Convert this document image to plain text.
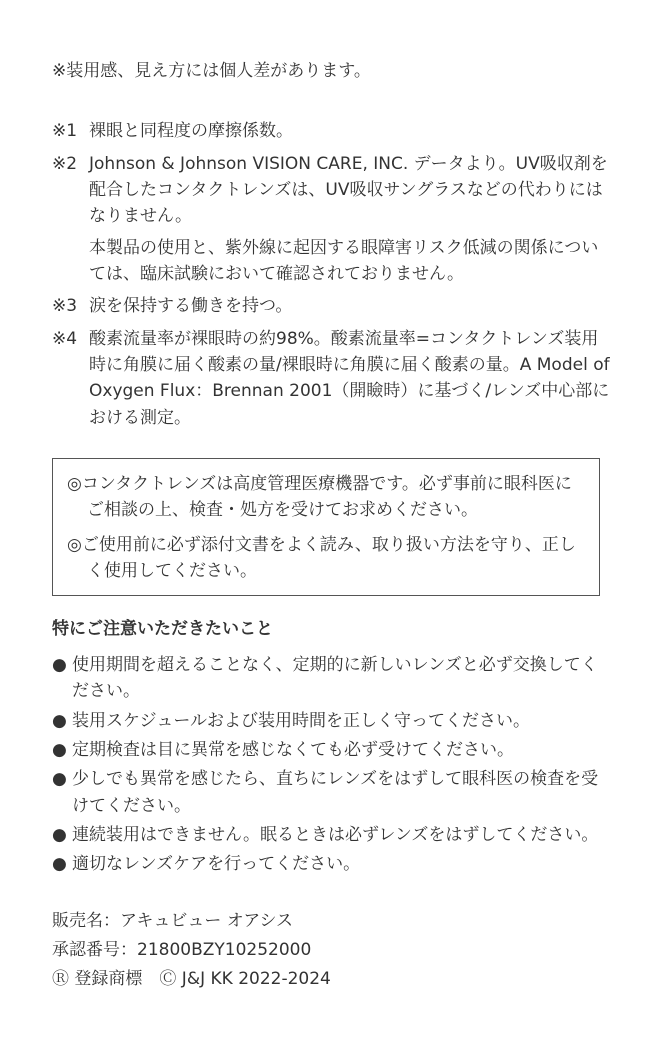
※装用感、見え方には個人差があります。

※1 裸眼と同程度の摩擦係数。

※2 Johnson & Johnson VISION CARE, INC. データより。UV吸収剤を配合したコンタクトレンズは、UV吸収サングラスなどの代わりにはなりません。

本製品の使用と、紫外線に起因する眼障害リスク低減の関係については、臨床試験において確認されておりません。

※3 涙を保持する働きを持つ。

※4 酸素流量率が裸眼時の約98%。酸素流量率=コンタクトレンズ装用時に角膜に届く酸素の量/裸眼時に角膜に届く酸素の量。A Model of Oxygen Flux：Brennan 2001（開瞼時）に基づく/レンズ中心部における測定。

◎コンタクトレンズは高度管理医療機器です。必ず事前に眼科医にご相談の上、検査・処方を受けてお求めください。

◎ご使用前に必ず添付文書をよく読み、取り扱い方法を守り、正しく使用してください。

特にご注意いただきたいこと

● 使用期間を超えることなく、定期的に新しいレンズと必ず交換してください。
● 装用スケジュールおよび装用時間を正しく守ってください。
● 定期検査は目に異常を感じなくても必ず受けてください。
● 少しでも異常を感じたら、直ちにレンズをはずして眼科医の検査を受けてください。
● 連続装用はできません。眠るときは必ずレンズをはずしてください。
● 適切なレンズケアを行ってください。

販売名：アキュビュー オアシス

承認番号：21800BZY10252000

Ⓡ 登録商標　Ⓒ J&J KK 2022-2024
